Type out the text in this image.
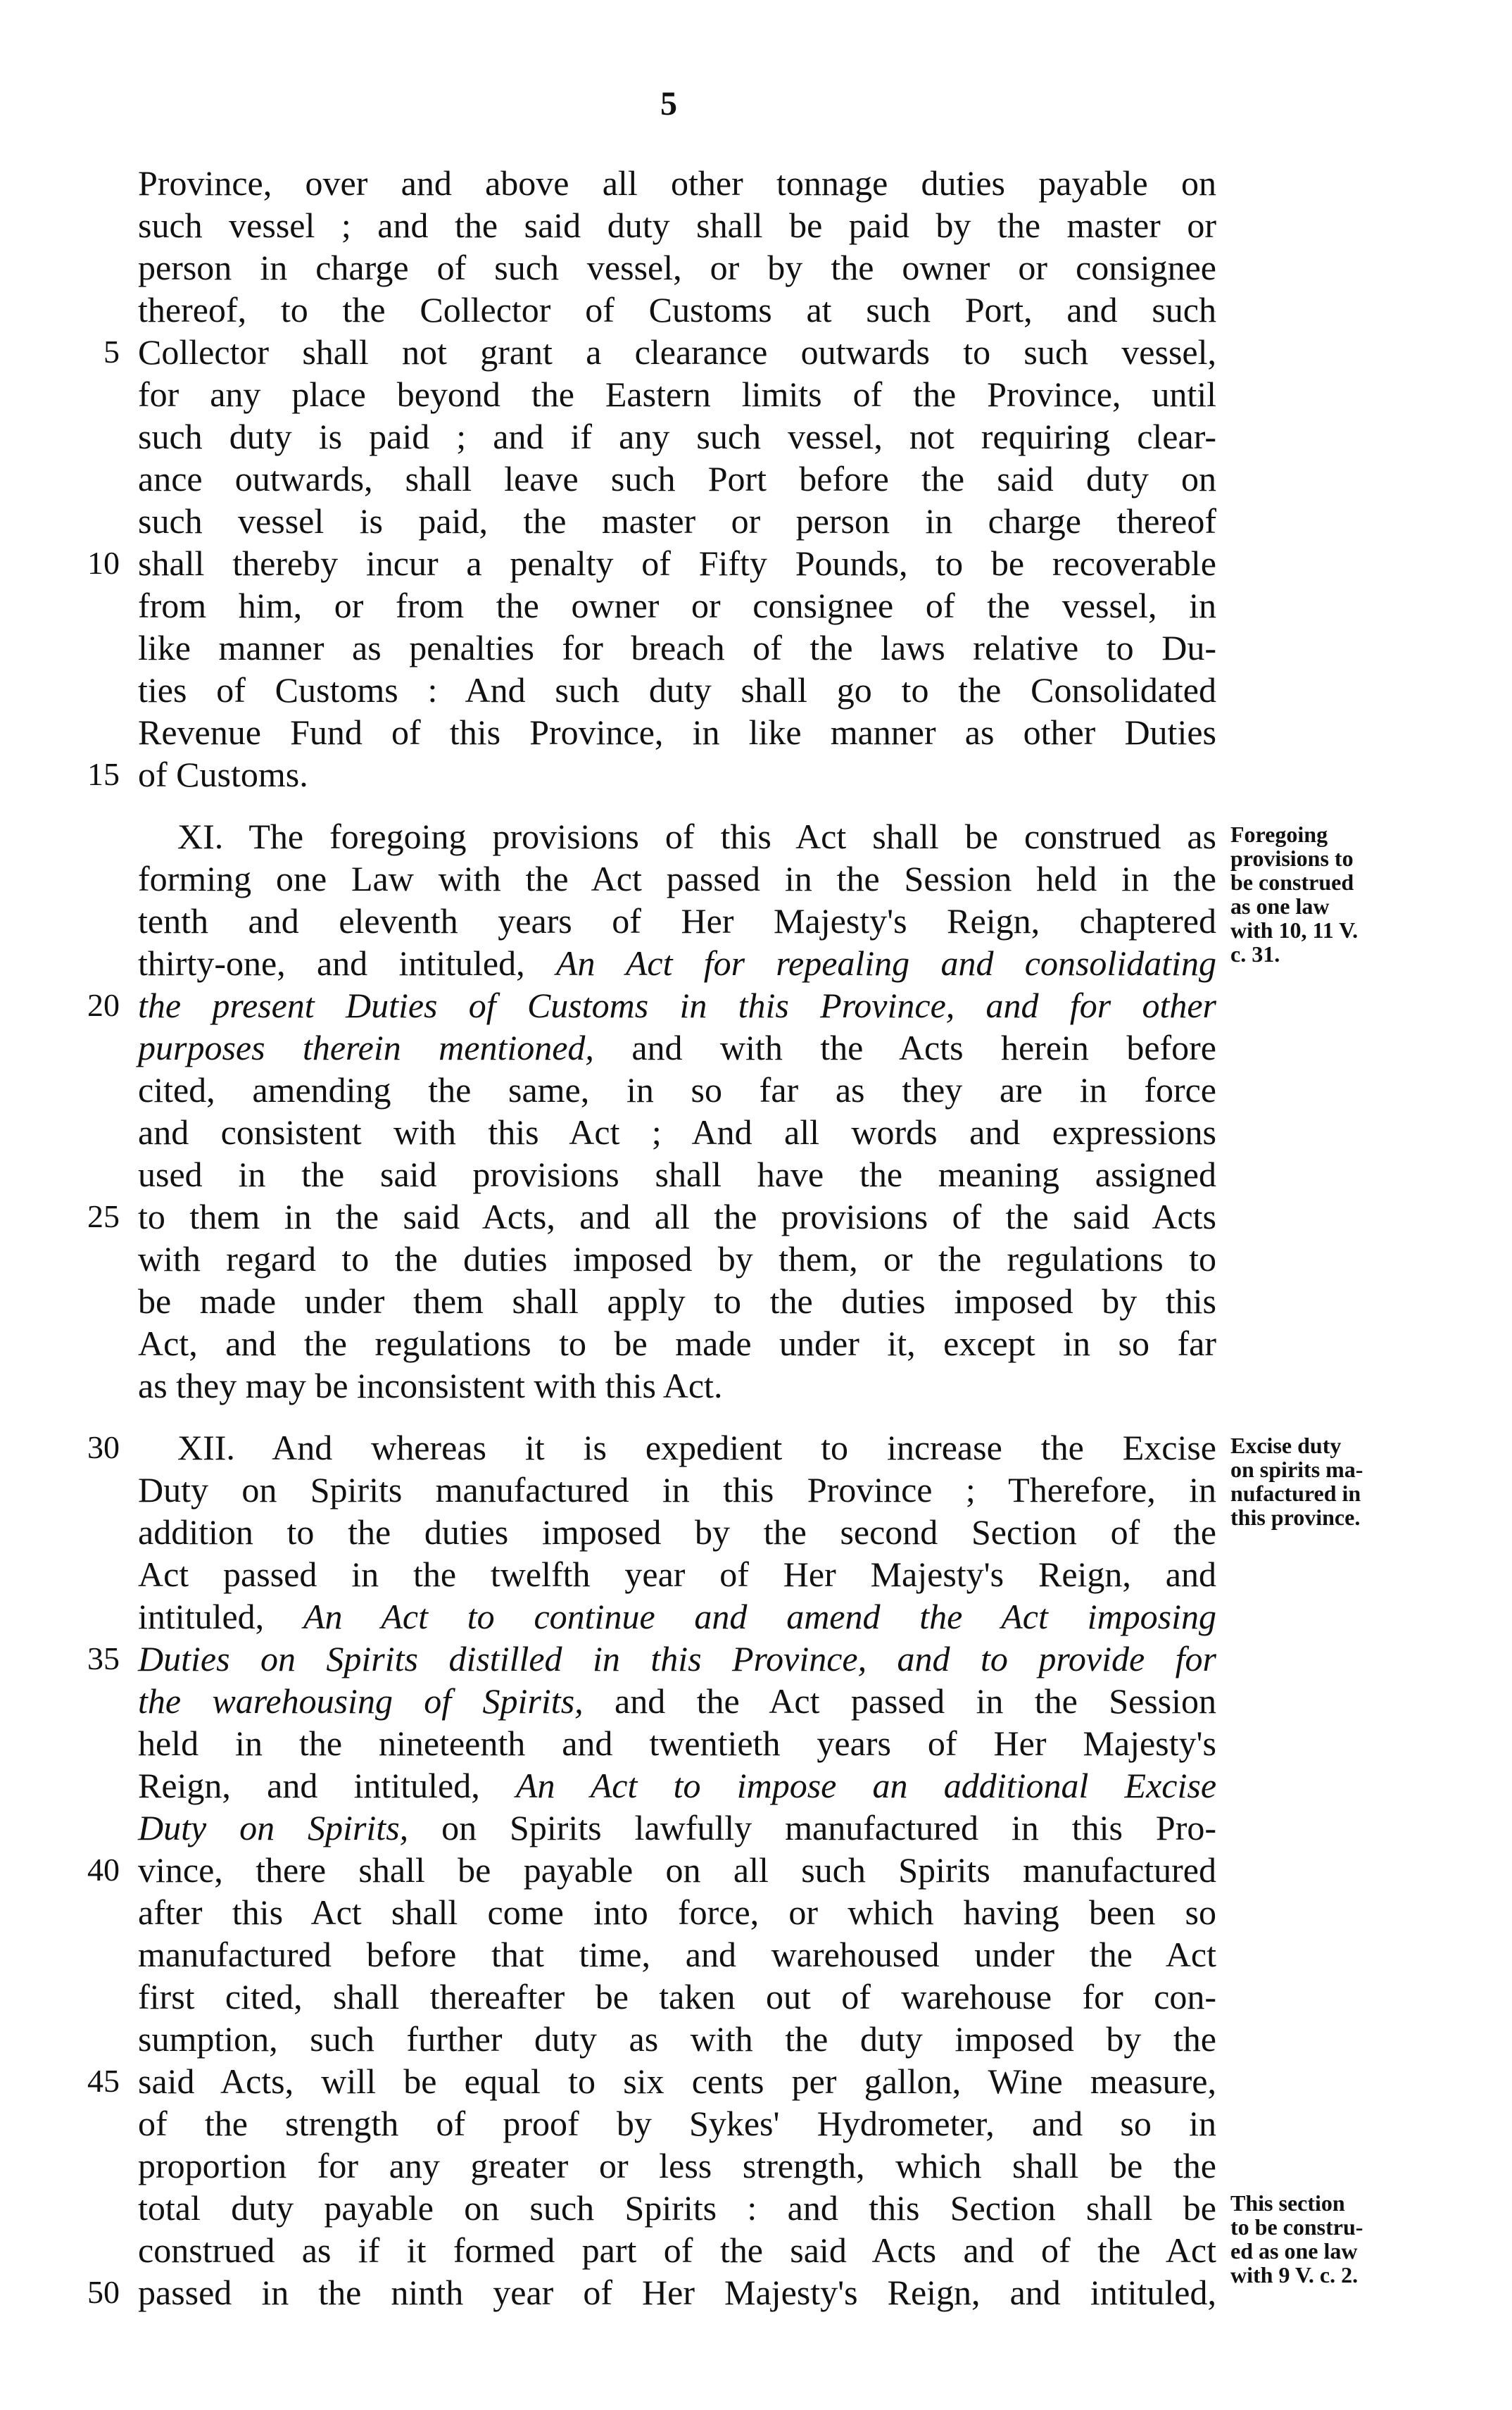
5
Province, over and above all other tonnage duties payable on
such vessel ; and the said duty shall be paid by the master or
person in charge of such vessel, or by the owner or consignee
thereof, to the Collector of Customs at such Port, and such
5 Collector shall not grant a clearance outwards to such vessel,
for any place beyond the Eastern limits of the Province, until
such duty is paid ; and if any such vessel, not requiring clear-
ance outwards, shall leave such Port before the said duty on
such vessel is paid, the master or person in charge thereof
10 shall thereby incur a penalty of Fifty Pounds, to be recoverable
from him, or from the owner or consignee of the vessel, in
like manner as penalties for breach of the laws relative to Du-
ties of Customs : And such duty shall go to the Consolidated
Revenue Fund of this Province, in like manner as other Duties
15 of Customs.
XI. The foregoing provisions of this Act shall be construed as
forming one Law with the Act passed in the Session held in the
tenth and eleventh years of Her Majesty's Reign, chaptered
thirty-one, and intituled, An Act for repealing and consolidating
20 the present Duties of Customs in this Province, and for other
purposes therein mentioned, and with the Acts herein before
cited, amending the same, in so far as they are in force
and consistent with this Act ; And all words and expressions
used in the said provisions shall have the meaning assigned
25 to them in the said Acts, and all the provisions of the said Acts
with regard to the duties imposed by them, or the regulations to
be made under them shall apply to the duties imposed by this
Act, and the regulations to be made under it, except in so far
as they may be inconsistent with this Act.
Foregoing
provisions to
be construed
as one law
with 10, 11 V.
c. 31.
30	XII. And whereas it is expedient to increase the Excise
Duty on Spirits manufactured in this Province ; Therefore, in
addition to the duties imposed by the second Section of the
Act passed in the twelfth year of Her Majesty's Reign, and
intituled, An Act to continue and amend the Act imposing
35 Duties on Spirits distilled in this Province, and to provide for
the warehousing of Spirits, and the Act passed in the Session
held in the nineteenth and twentieth years of Her Majesty's
Reign, and intituled, An Act to impose an additional Excise
Duty on Spirits, on Spirits lawfully manufactured in this Pro-
40 vince, there shall be payable on all such Spirits manufactured
after this Act shall come into force, or which having been so
manufactured before that time, and warehoused under the Act
first cited, shall thereafter be taken out of warehouse for con-
sumption, such further duty as with the duty imposed by the
45 said Acts, will be equal to six cents per gallon, Wine measure,
of the strength of proof by Sykes' Hydrometer, and so in
proportion for any greater or less strength, which shall be the
total duty payable on such Spirits : and this Section shall be
construed as if it formed part of the said Acts and of the Act
50 passed in the ninth year of Her Majesty's Reign, and intituled,
Excise duty
on spirits ma-
nufactured in
this province.
This section
to be constru-
ed as one law
with 9 V. c. 2.
